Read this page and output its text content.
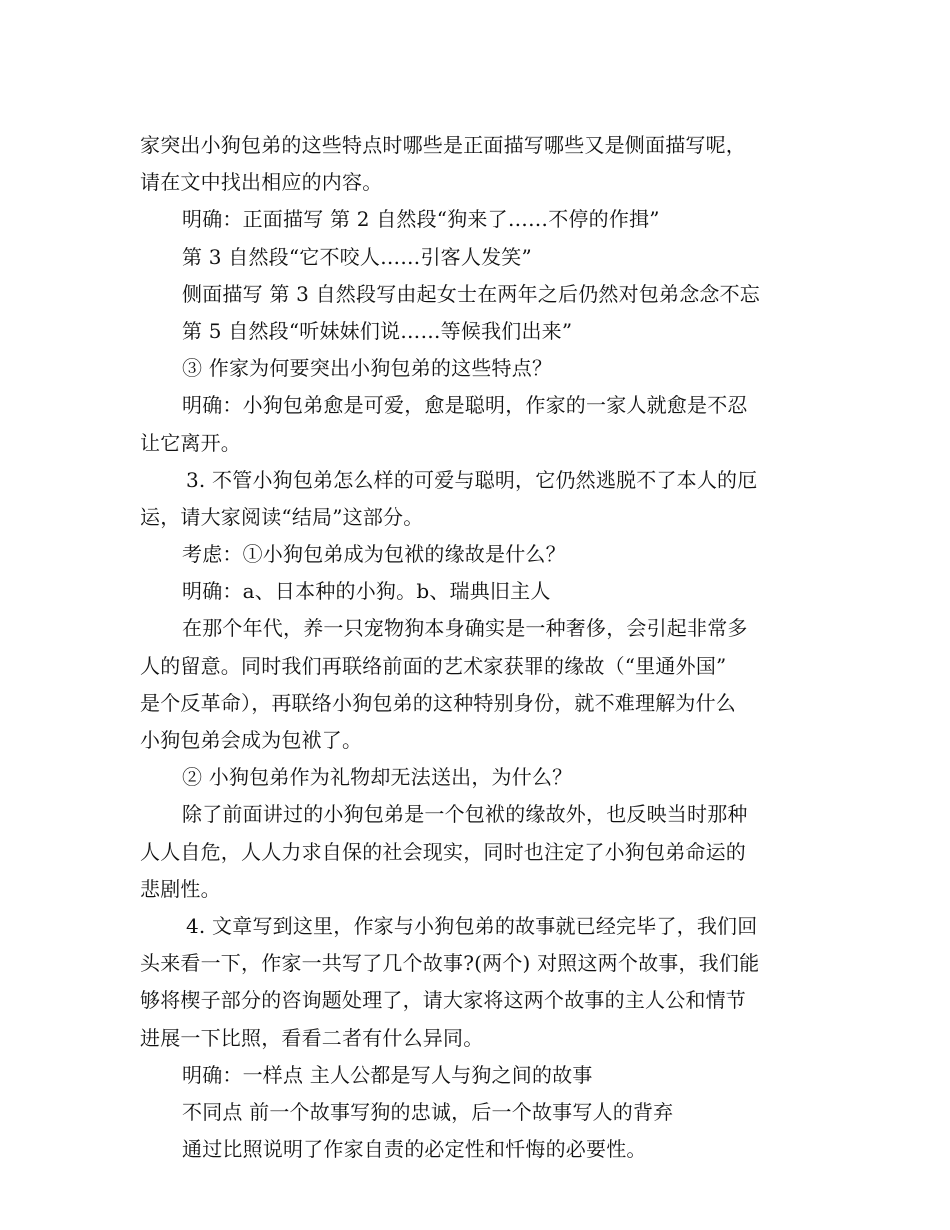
家突出小狗包弟的这些特点时哪些是正面描写哪些又是侧面描写呢，
请在文中找出相应的内容。
明确：正面描写 第 2 自然段“狗来了……不停的作揖”
第 3 自然段“它不咬人……引客人发笑”
侧面描写 第 3 自然段写由起女士在两年之后仍然对包弟念念不忘
第 5 自然段“听妹妹们说……等候我们出来”
③ 作家为何要突出小狗包弟的这些特点？
明确：小狗包弟愈是可爱，愈是聪明，作家的一家人就愈是不忍
让它离开。
3. 不管小狗包弟怎么样的可爱与聪明，它仍然逃脱不了本人的厄
运，请大家阅读“结局”这部分。
考虑：①小狗包弟成为包袱的缘故是什么？
明确：a、日本种的小狗。b、瑞典旧主人
在那个年代，养一只宠物狗本身确实是一种奢侈，会引起非常多
人的留意。同时我们再联络前面的艺术家获罪的缘故（“里通外国”
是个反革命），再联络小狗包弟的这种特别身份，就不难理解为什么
小狗包弟会成为包袱了。
② 小狗包弟作为礼物却无法送出，为什么？
除了前面讲过的小狗包弟是一个包袱的缘故外，也反映当时那种
人人自危，人人力求自保的社会现实，同时也注定了小狗包弟命运的
悲剧性。
4. 文章写到这里，作家与小狗包弟的故事就已经完毕了，我们回
头来看一下，作家一共写了几个故事?(两个) 对照这两个故事，我们能
够将楔子部分的咨询题处理了，请大家将这两个故事的主人公和情节
进展一下比照，看看二者有什么异同。
明确：一样点 主人公都是写人与狗之间的故事
不同点 前一个故事写狗的忠诚，后一个故事写人的背弃
通过比照说明了作家自责的必定性和忏悔的必要性。
